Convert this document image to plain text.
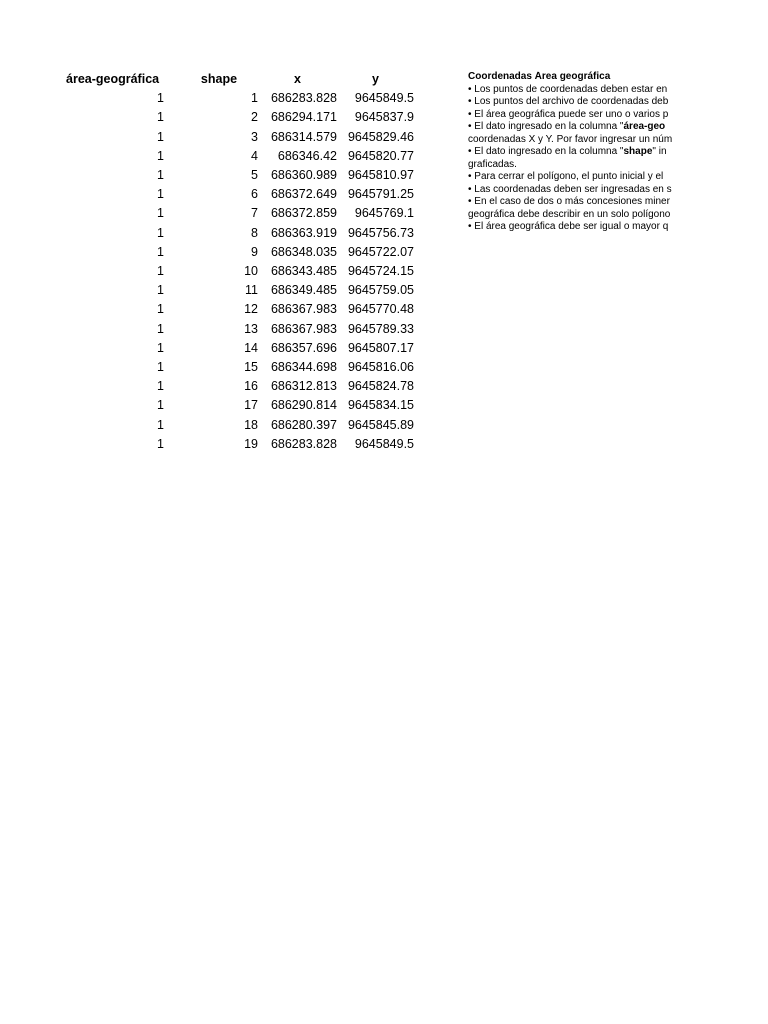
área-geográfica	shape	x	y
1	1	686283.828	9645849.5
1	2	686294.171	9645837.9
1	3	686314.579	9645829.46
1	4	686346.42	9645820.77
1	5	686360.989	9645810.97
1	6	686372.649	9645791.25
1	7	686372.859	9645769.1
1	8	686363.919	9645756.73
1	9	686348.035	9645722.07
1	10	686343.485	9645724.15
1	11	686349.485	9645759.05
1	12	686367.983	9645770.48
1	13	686367.983	9645789.33
1	14	686357.696	9645807.17
1	15	686344.698	9645816.06
1	16	686312.813	9645824.78
1	17	686290.814	9645834.15
1	18	686280.397	9645845.89
1	19	686283.828	9645849.5
Coordenadas Área geográfica
• Los puntos de coordenadas deben estar en
• Los puntos del archivo de coordenadas deb
• El área geográfica puede ser uno o varios p
• El dato ingresado en la columna "área-geo
coordenadas X y Y. Por favor ingresar un núm
• El dato ingresado en la columna "shape" in
graficadas.
• Para cerrar el polígono, el punto inicial y el
• Las coordenadas deben ser ingresadas en s
• En el caso de dos o más concesiones miner
geográfica debe describir en un solo polígono
• El área geográfica debe ser igual o mayor q
